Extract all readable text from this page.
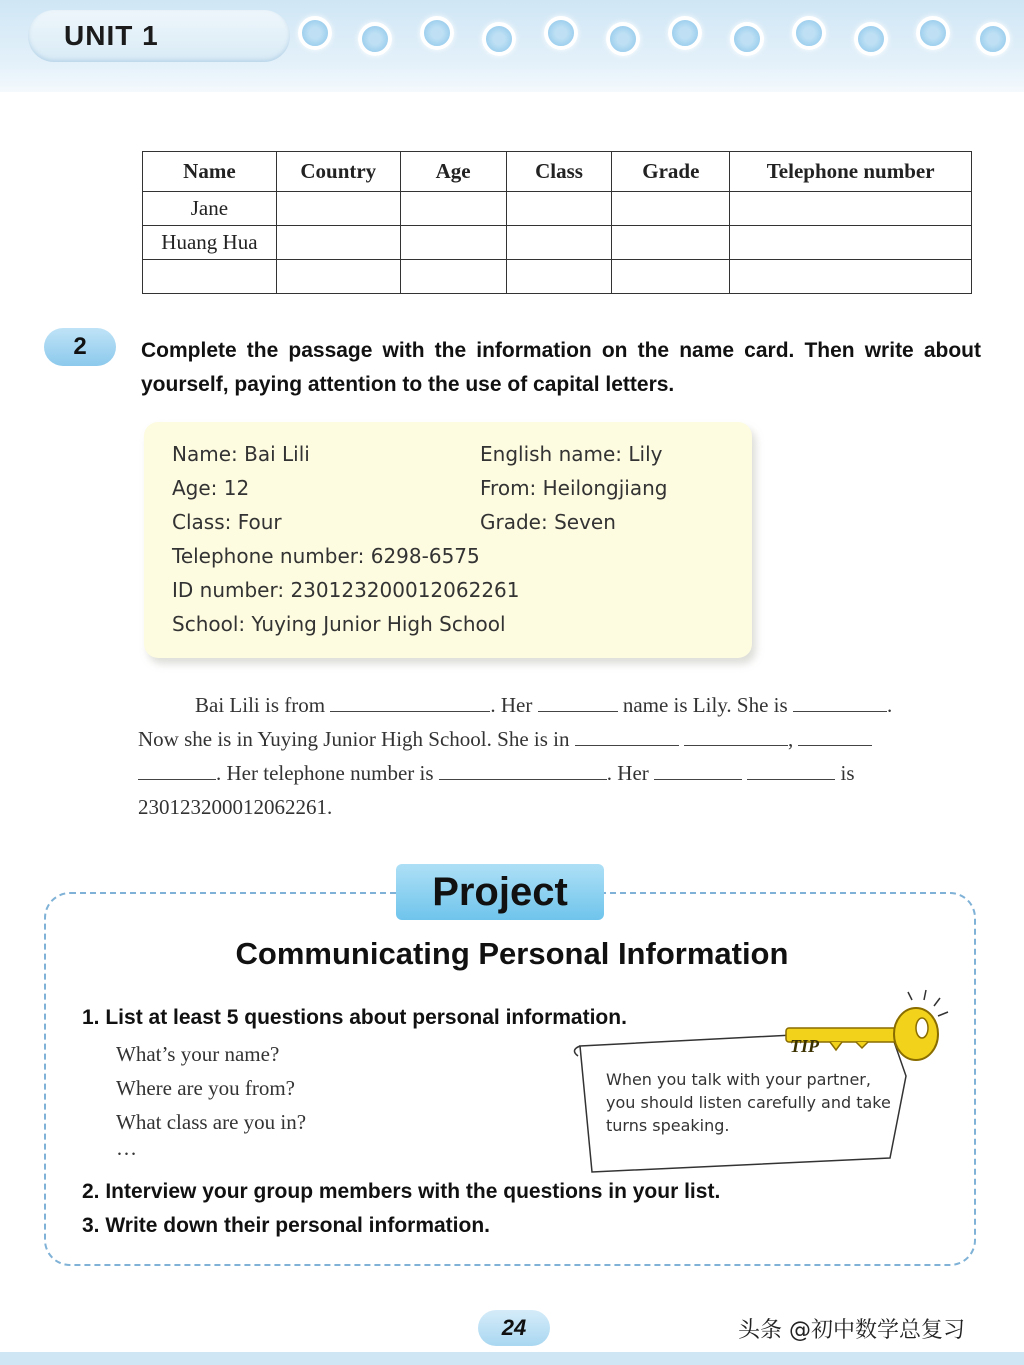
UNIT 1
Name	Country	Age	Class	Grade	Telephone number
Jane					
Huang Hua					

2	Complete the passage with the information on the name card. Then write about yourself, paying attention to the use of capital letters.
Name: Bai Lili	English name: Lily
Age: 12	From: Heilongjiang
Class: Four	Grade: Seven
Telephone number: 6298-6575
ID number: 230123200012062261
School: Yuying Junior High School

Bai Lili is from	. Her	name is Lily. She is	.

Now she is in Yuying Junior High School. She is in	,

. Her telephone number is	. Her	is

230123200012062261.

Project
Communicating Personal Information
1. List at least 5 questions about personal information.
What’s your name?
Where are you from?
What class are you in?
…
2. Interview your group members with the questions in your list.
3. Write down their personal information.
TIP
When you talk with your partner, you should listen carefully and take turns speaking.
24	头条 @初中数学总复习
